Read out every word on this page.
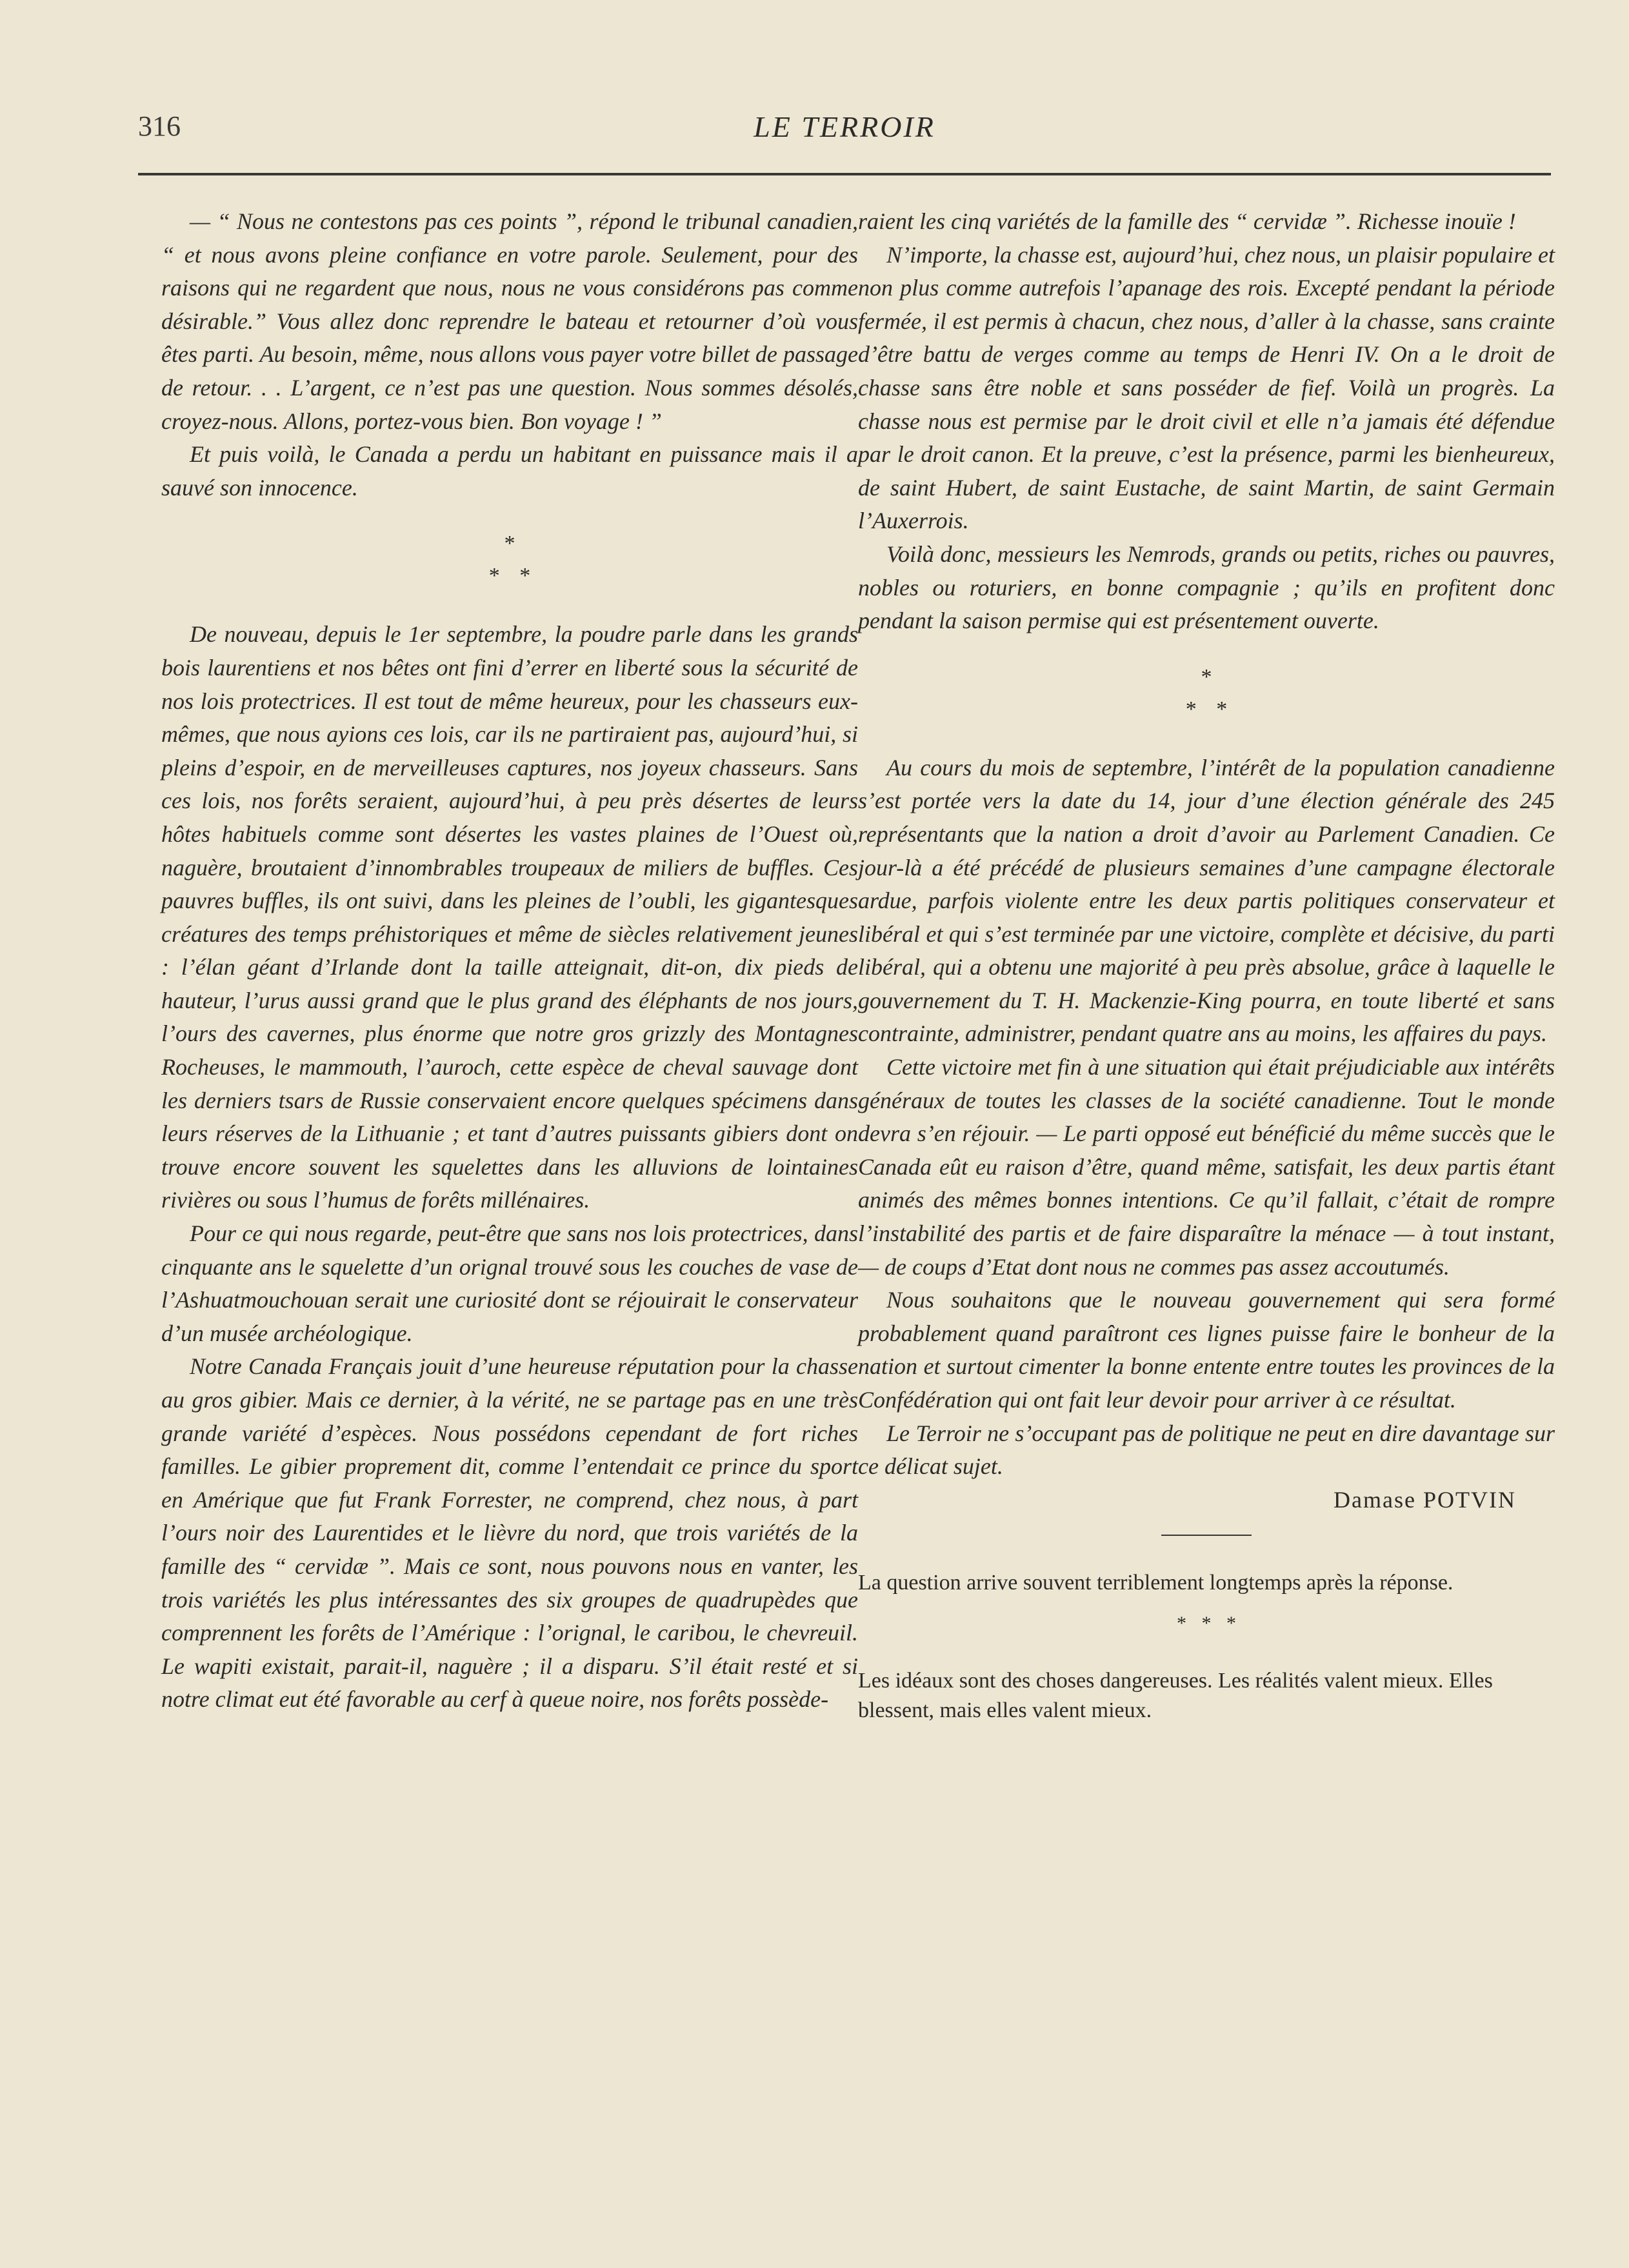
316	LE TERROIR

— “ Nous ne contestons pas ces points ”, répond le tribunal canadien, “ et nous avons pleine confiance en votre parole. Seulement, pour des raisons qui ne regardent que nous, nous ne vous considérons pas comme désirable.” Vous allez donc reprendre le bateau et retourner d’où vous êtes parti. Au besoin, même, nous allons vous payer votre billet de passage de retour. . . L’argent, ce n’est pas une question. Nous sommes désolés, croyez-nous. Allons, portez-vous bien. Bon voyage ! ”

Et puis voilà, le Canada a perdu un habitant en puissance mais il a sauvé son innocence.

*
* *

De nouveau, depuis le 1er septembre, la poudre parle dans les grands bois laurentiens et nos bêtes ont fini d’errer en liberté sous la sécurité de nos lois protectrices. Il est tout de même heureux, pour les chasseurs eux-mêmes, que nous ayions ces lois, car ils ne partiraient pas, aujourd’hui, si pleins d’espoir, en de merveilleuses captures, nos joyeux chasseurs. Sans ces lois, nos forêts seraient, aujourd’hui, à peu près désertes de leurs hôtes habituels comme sont désertes les vastes plaines de l’Ouest où, naguère, broutaient d’innombrables troupeaux de miliers de buffles. Ces pauvres buffles, ils ont suivi, dans les pleines de l’oubli, les gigantesques créatures des temps préhistoriques et même de siècles relativement jeunes : l’élan géant d’Irlande dont la taille atteignait, dit-on, dix pieds de hauteur, l’urus aussi grand que le plus grand des éléphants de nos jours, l’ours des cavernes, plus énorme que notre gros grizzly des Montagnes Rocheuses, le mammouth, l’auroch, cette espèce de cheval sauvage dont les derniers tsars de Russie conservaient encore quelques spécimens dans leurs réserves de la Lithuanie ; et tant d’autres puissants gibiers dont on trouve encore souvent les squelettes dans les alluvions de lointaines rivières ou sous l’humus de forêts millénaires.

Pour ce qui nous regarde, peut-être que sans nos lois protectrices, dans cinquante ans le squelette d’un orignal trouvé sous les couches de vase de l’Ashuatmouchouan serait une curiosité dont se réjouirait le conservateur d’un musée archéologique.

Notre Canada Français jouit d’une heureuse réputation pour la chasse au gros gibier. Mais ce dernier, à la vérité, ne se partage pas en une très grande variété d’espèces. Nous possédons cependant de fort riches familles. Le gibier proprement dit, comme l’entendait ce prince du sport en Amérique que fut Frank Forrester, ne comprend, chez nous, à part l’ours noir des Laurentides et le lièvre du nord, que trois variétés de la famille des “ cervidæ ”. Mais ce sont, nous pouvons nous en vanter, les trois variétés les plus intéressantes des six groupes de quadrupèdes que comprennent les forêts de l’Amérique : l’orignal, le caribou, le chevreuil. Le wapiti existait, parait-il, naguère ; il a disparu. S’il était resté et si notre climat eut été favorable au cerf à queue noire, nos forêts possède-

raient les cinq variétés de la famille des “ cervidæ ”. Richesse inouïe !

N’importe, la chasse est, aujourd’hui, chez nous, un plaisir populaire et non plus comme autrefois l’apanage des rois. Excepté pendant la période fermée, il est permis à chacun, chez nous, d’aller à la chasse, sans crainte d’être battu de verges comme au temps de Henri IV. On a le droit de chasse sans être noble et sans posséder de fief. Voilà un progrès. La chasse nous est permise par le droit civil et elle n’a jamais été défendue par le droit canon. Et la preuve, c’est la présence, parmi les bienheureux, de saint Hubert, de saint Eustache, de saint Martin, de saint Germain l’Auxerrois.

Voilà donc, messieurs les Nemrods, grands ou petits, riches ou pauvres, nobles ou roturiers, en bonne compagnie ; qu’ils en profitent donc pendant la saison permise qui est présentement ouverte.

*
* *

Au cours du mois de septembre, l’intérêt de la population canadienne s’est portée vers la date du 14, jour d’une élection générale des 245 représentants que la nation a droit d’avoir au Parlement Canadien. Ce jour-là a été précédé de plusieurs semaines d’une campagne électorale ardue, parfois violente entre les deux partis politiques conservateur et libéral et qui s’est terminée par une victoire, complète et décisive, du parti libéral, qui a obtenu une majorité à peu près absolue, grâce à laquelle le gouvernement du T. H. Mackenzie-King pourra, en toute liberté et sans contrainte, administrer, pendant quatre ans au moins, les affaires du pays.

Cette victoire met fin à une situation qui était préjudiciable aux intérêts généraux de toutes les classes de la société canadienne. Tout le monde devra s’en réjouir. — Le parti opposé eut bénéficié du même succès que le Canada eût eu raison d’être, quand même, satisfait, les deux partis étant animés des mêmes bonnes intentions. Ce qu’il fallait, c’était de rompre l’instabilité des partis et de faire disparaître la ménace — à tout instant, — de coups d’Etat dont nous ne commes pas assez accoutumés.

Nous souhaitons que le nouveau gouvernement qui sera formé probablement quand paraîtront ces lignes puisse faire le bonheur de la nation et surtout cimenter la bonne entente entre toutes les provinces de la Confédération qui ont fait leur devoir pour arriver à ce résultat.

Le Terroir ne s’occupant pas de politique ne peut en dire davantage sur ce délicat sujet.

Damase POTVIN

La question arrive souvent terriblement longtemps après la réponse.

* * *

Les idéaux sont des choses dangereuses. Les réalités valent mieux. Elles blessent, mais elles valent mieux.
